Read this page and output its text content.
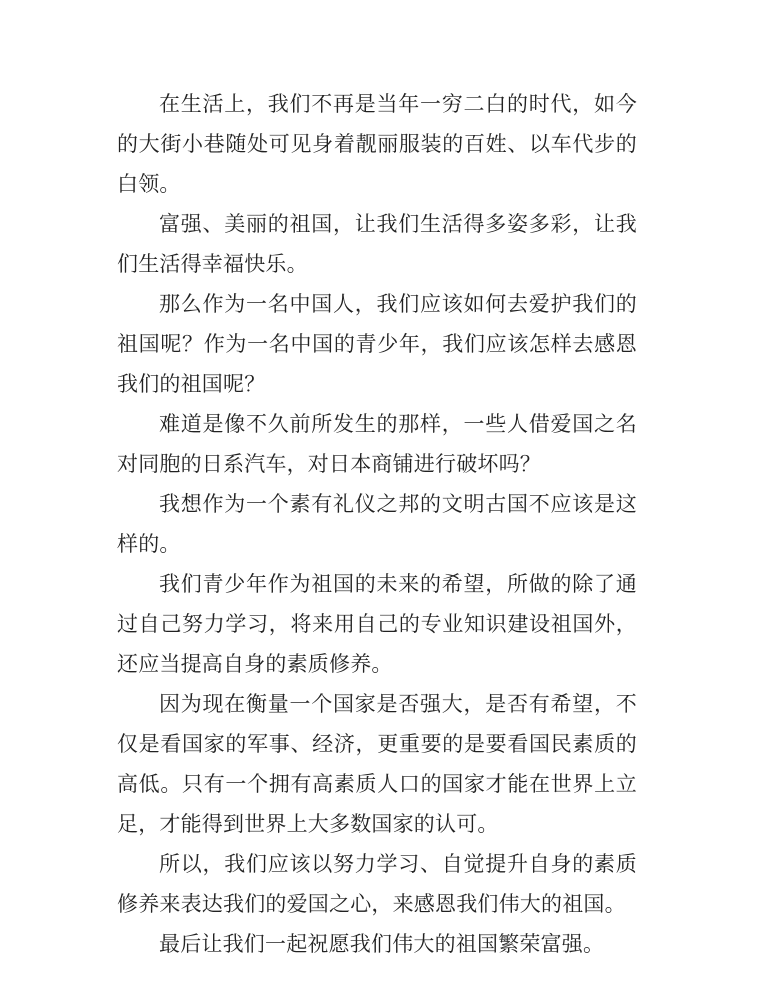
在生活上，我们不再是当年一穷二白的时代，如今的大街小巷随处可见身着靓丽服装的百姓、以车代步的白领。

富强、美丽的祖国，让我们生活得多姿多彩，让我们生活得幸福快乐。

那么作为一名中国人，我们应该如何去爱护我们的祖国呢？作为一名中国的青少年，我们应该怎样去感恩我们的祖国呢？

难道是像不久前所发生的那样，一些人借爱国之名对同胞的日系汽车，对日本商铺进行破坏吗？

我想作为一个素有礼仪之邦的文明古国不应该是这样的。

我们青少年作为祖国的未来的希望，所做的除了通过自己努力学习，将来用自己的专业知识建设祖国外，还应当提高自身的素质修养。

因为现在衡量一个国家是否强大，是否有希望，不仅是看国家的军事、经济，更重要的是要看国民素质的高低。只有一个拥有高素质人口的国家才能在世界上立足，才能得到世界上大多数国家的认可。

所以，我们应该以努力学习、自觉提升自身的素质修养来表达我们的爱国之心，来感恩我们伟大的祖国。

最后让我们一起祝愿我们伟大的祖国繁荣富强。
